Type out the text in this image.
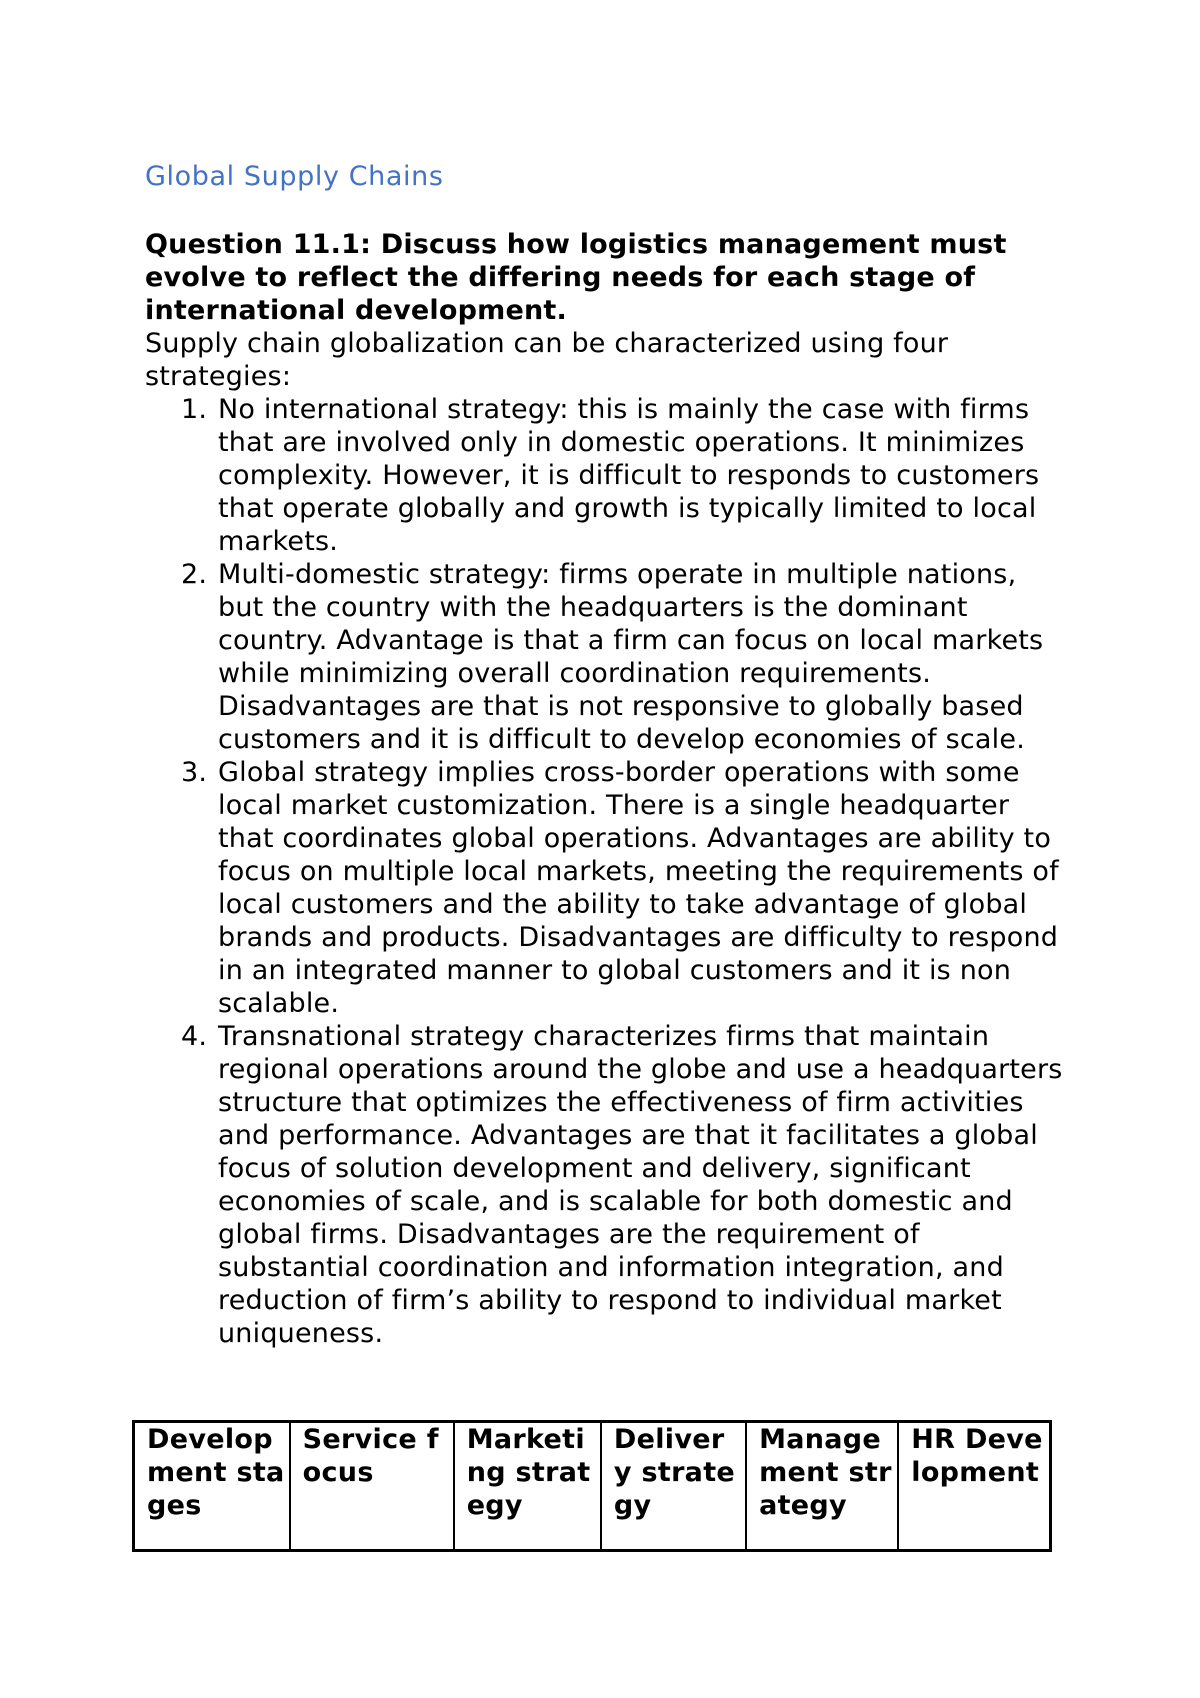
Global Supply Chains

Question 11.1: Discuss how logistics management must evolve to reflect the differing needs for each stage of international development.

Supply chain globalization can be characterized using four strategies:

1. No international strategy: this is mainly the case with firms that are involved only in domestic operations. It minimizes complexity. However, it is difficult to responds to customers that operate globally and growth is typically limited to local markets.
2. Multi-domestic strategy: firms operate in multiple nations, but the country with the headquarters is the dominant country. Advantage is that a firm can focus on local markets while minimizing overall coordination requirements. Disadvantages are that is not responsive to globally based customers and it is difficult to develop economies of scale.
3. Global strategy implies cross-border operations with some local market customization. There is a single headquarter that coordinates global operations. Advantages are ability to focus on multiple local markets, meeting the requirements of local customers and the ability to take advantage of global brands and products. Disadvantages are difficulty to respond in an integrated manner to global customers and it is non scalable.
4. Transnational strategy characterizes firms that maintain regional operations around the globe and use a headquarters structure that optimizes the effectiveness of firm activities and performance. Advantages are that it facilitates a global focus of solution development and delivery, significant economies of scale, and is scalable for both domestic and global firms. Disadvantages are the requirement of substantial coordination and information integration, and reduction of firm’s ability to respond to individual market uniqueness.
Development stages	Service focus	Marketing strategy	Delivery strategy	Management strategy	HR Development
